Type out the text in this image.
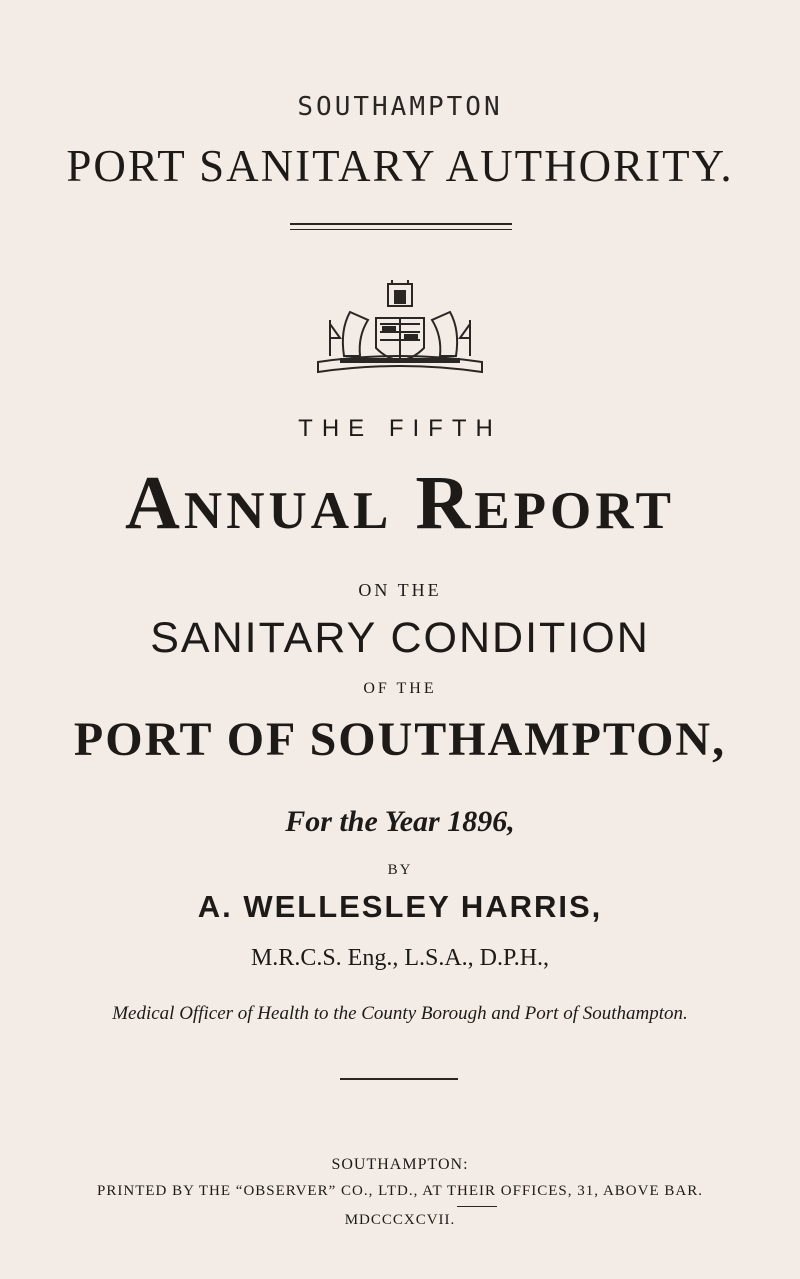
SOUTHAMPTON
PORT SANITARY AUTHORITY.
THE FIFTH
Annual Report
ON THE
SANITARY CONDITION
OF THE
PORT OF SOUTHAMPTON,
For the Year 1896,
BY
A. WELLESLEY HARRIS,
M.R.C.S. Eng., L.S.A., D.P.H.,
Medical Officer of Health to the County Borough and Port of Southampton.
SOUTHAMPTON:
PRINTED BY THE “OBSERVER” CO., LTD., AT THEIR OFFICES, 31, ABOVE BAR.
MDCCCXCVII.
